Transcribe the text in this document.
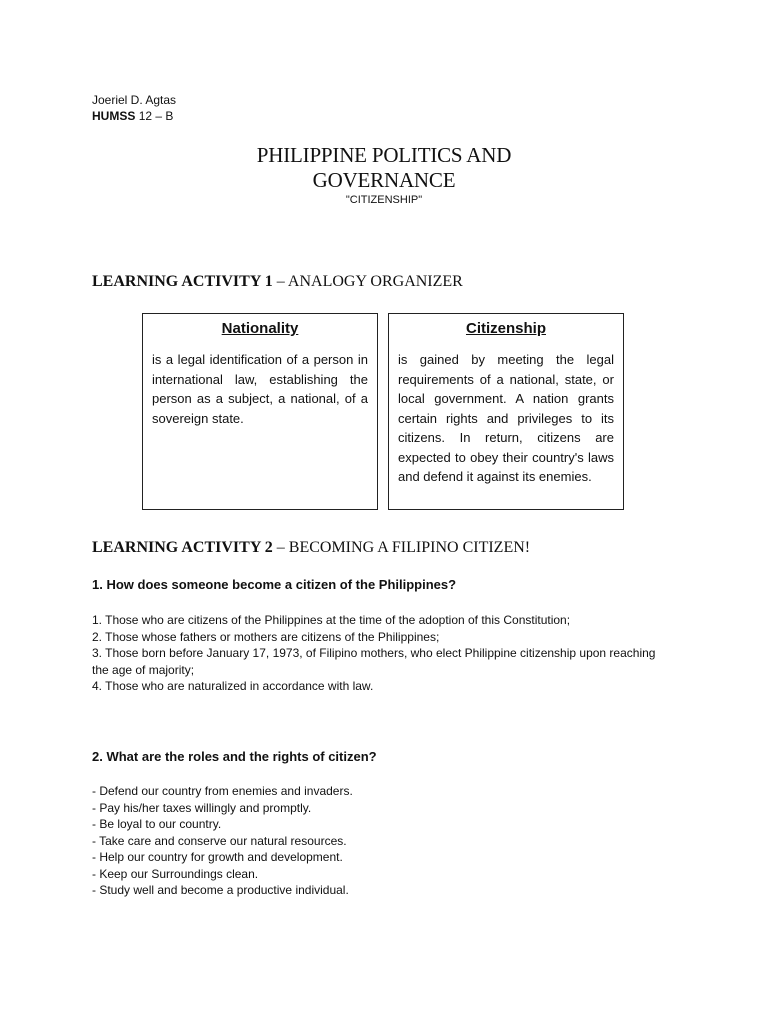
Joeriel D. Agtas
HUMSS 12 – B
PHILIPPINE POLITICS AND
GOVERNANCE
"CITIZENSHIP"
LEARNING ACTIVITY 1 – ANALOGY ORGANIZER
Nationality
is a legal identification of a person in international law, establishing the person as a subject, a national, of a sovereign state.
Citizenship
is gained by meeting the legal requirements of a national, state, or local government. A nation grants certain rights and privileges to its citizens. In return, citizens are expected to obey their country's laws and defend it against its enemies.
LEARNING ACTIVITY 2 – BECOMING A FILIPINO CITIZEN!
1. How does someone become a citizen of the Philippines?
1. Those who are citizens of the Philippines at the time of the adoption of this Constitution;
2. Those whose fathers or mothers are citizens of the Philippines;
3. Those born before January 17, 1973, of Filipino mothers, who elect Philippine citizenship upon reaching the age of majority;
4. Those who are naturalized in accordance with law.
2. What are the roles and the rights of citizen?
- Defend our country from enemies and invaders.
- Pay his/her taxes willingly and promptly.
- Be loyal to our country.
- Take care and conserve our natural resources.
- Help our country for growth and development.
- Keep our Surroundings clean.
- Study well and become a productive individual.
